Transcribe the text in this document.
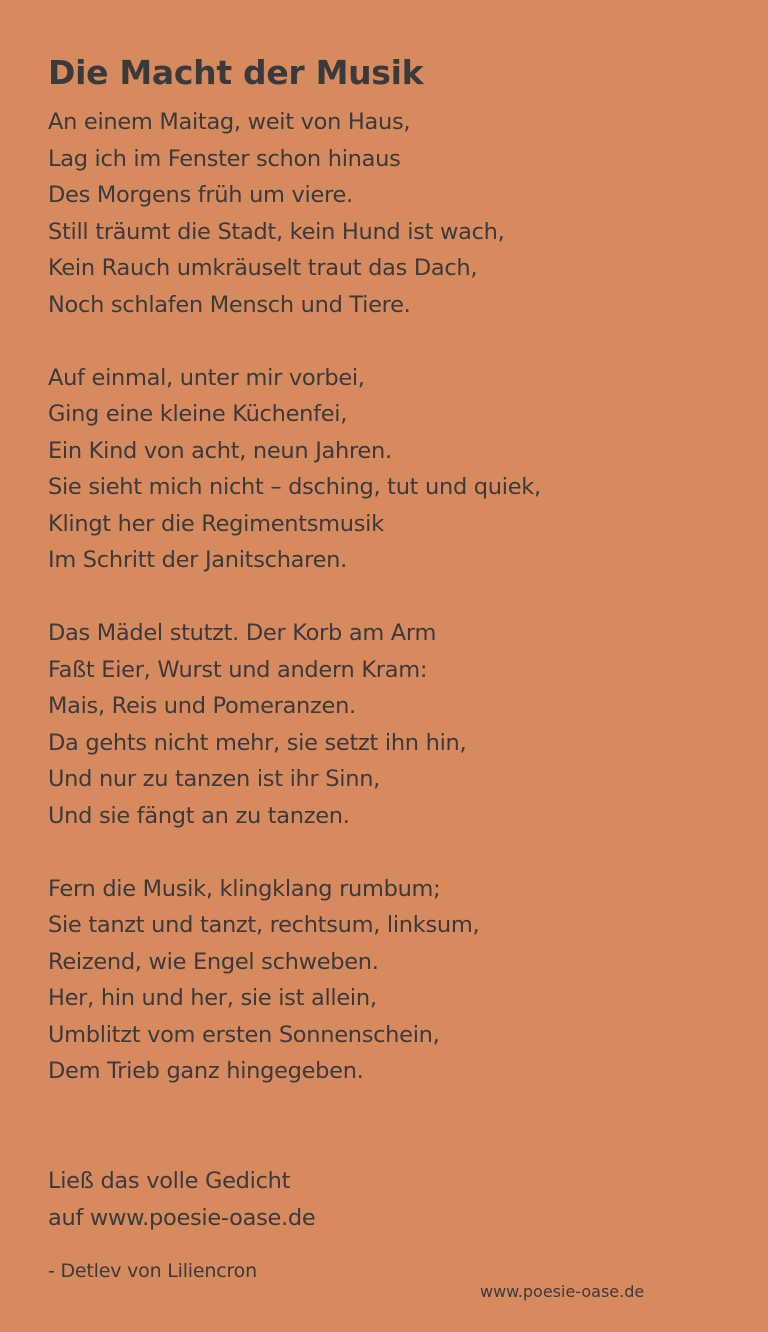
Die Macht der Musik
An einem Maitag, weit von Haus,
Lag ich im Fenster schon hinaus
Des Morgens früh um viere.
Still träumt die Stadt, kein Hund ist wach,
Kein Rauch umkräuselt traut das Dach,
Noch schlafen Mensch und Tiere.
Auf einmal, unter mir vorbei,
Ging eine kleine Küchenfei,
Ein Kind von acht, neun Jahren.
Sie sieht mich nicht – dsching, tut und quiek,
Klingt her die Regimentsmusik
Im Schritt der Janitscharen.
Das Mädel stutzt. Der Korb am Arm
Faßt Eier, Wurst und andern Kram:
Mais, Reis und Pomeranzen.
Da gehts nicht mehr, sie setzt ihn hin,
Und nur zu tanzen ist ihr Sinn,
Und sie fängt an zu tanzen.
Fern die Musik, klingklang rumbum;
Sie tanzt und tanzt, rechtsum, linksum,
Reizend, wie Engel schweben.
Her, hin und her, sie ist allein,
Umblitzt vom ersten Sonnenschein,
Dem Trieb ganz hingegeben.
Ließ das volle Gedicht
auf www.poesie-oase.de
- Detlev von Liliencron
www.poesie-oase.de
